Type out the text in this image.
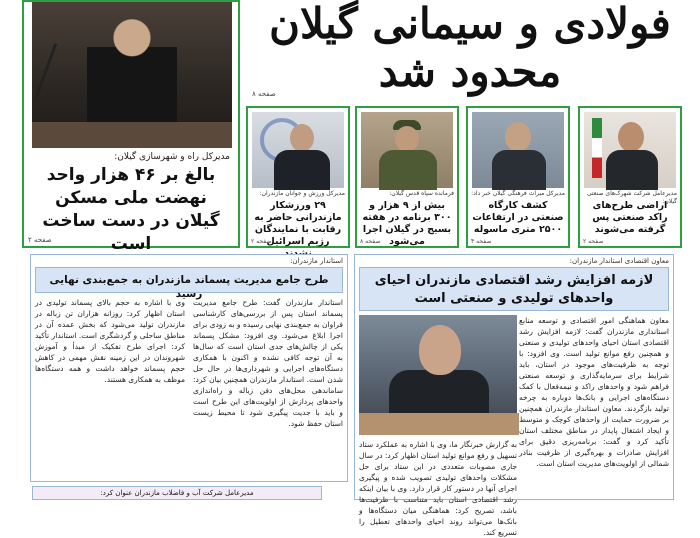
مدیرکل راه و شهرسازی گیلان:
بالغ بر ۴۶ هزار واحد نهضت ملی مسکن گیلان در دست ساخت است
صفحه ۲
فولادی و سیمانی گیلان محدود شد
صفحه ۸
مدیرعامل شرکت شهرک‌های صنعتی گیلان:
اراضی طرح‌های راکد صنعتی پس گرفته می‌شوند
صفحه ۲
مدیرکل میراث فرهنگی گیلان خبر داد:
کشف کارگاه صنعتی در ارتفاعات ۲۵۰۰ متری ماسوله
صفحه ۴
فرمانده سپاه قدس گیلان:
بیش از ۹ هزار و ۳۰۰ برنامه در هفته بسیج در گیلان اجرا می‌شود
صفحه ۸
مدیرکل ورزش و جوانان مازندران:
۲۹ ورزشکار مازندرانی حاضر به رقابت با نمایندگان رژیم اسرائیل
صفحه ۲
معاون اقتصادی استاندار مازندران:
لازمه افزایش رشد اقتصادی مازندران احیای واحدهای تولیدی و صنعتی است
معاون هماهنگی امور اقتصادی و توسعه منابع استانداری مازندران گفت: لازمه افزایش رشد اقتصادی استان احیای واحدهای تولیدی و صنعتی و همچنین رفع موانع تولید است. وی افزود: با توجه به ظرفیت‌های موجود در استان، باید شرایط برای سرمایه‌گذاری و توسعه صنعتی فراهم شود و واحدهای راکد و نیمه‌فعال با کمک دستگاه‌های اجرایی و بانک‌ها دوباره به چرخه تولید بازگردند. معاون استاندار مازندران همچنین بر ضرورت حمایت از واحدهای کوچک و متوسط و ایجاد اشتغال پایدار در مناطق مختلف استان تأکید کرد و گفت: برنامه‌ریزی دقیق برای افزایش صادرات و بهره‌گیری از ظرفیت بنادر شمالی از اولویت‌های مدیریت استان است.
به گزارش خبرنگار ما، وی با اشاره به عملکرد ستاد تسهیل و رفع موانع تولید استان اظهار کرد: در سال جاری مصوبات متعددی در این ستاد برای حل مشکلات واحدهای تولیدی تصویب شده و پیگیری اجرای آنها در دستور کار قرار دارد. وی با بیان اینکه رشد اقتصادی استان باید متناسب با ظرفیت‌ها باشد، تصریح کرد: هماهنگی میان دستگاه‌ها و بانک‌ها می‌تواند روند احیای واحدهای تعطیل را تسریع کند.
استاندار مازندران:
طرح جامع مدیریت پسماند مازندران به جمع‌بندی نهایی رسید
استاندار مازندران گفت: طرح جامع مدیریت پسماند استان پس از بررسی‌های کارشناسی فراوان به جمع‌بندی نهایی رسیده و به زودی برای اجرا ابلاغ می‌شود. وی افزود: مشکل پسماند یکی از چالش‌های جدی استان است که سال‌ها به آن توجه کافی نشده و اکنون با همکاری دستگاه‌های اجرایی و شهرداری‌ها در حال حل شدن است. استاندار مازندران همچنین بیان کرد: ساماندهی محل‌های دفن زباله و راه‌اندازی واحدهای پردازش از اولویت‌های این طرح است و باید با جدیت پیگیری شود تا محیط زیست استان حفظ شود.
وی با اشاره به حجم بالای پسماند تولیدی در استان اظهار کرد: روزانه هزاران تن زباله در مازندران تولید می‌شود که بخش عمده آن در مناطق ساحلی و گردشگری است. استاندار تأکید کرد: اجرای طرح تفکیک از مبدأ و آموزش شهروندان در این زمینه نقش مهمی در کاهش حجم پسماند خواهد داشت و همه دستگاه‌ها موظف به همکاری هستند.
مدیرعامل شرکت آب و فاضلاب مازندران عنوان کرد:
